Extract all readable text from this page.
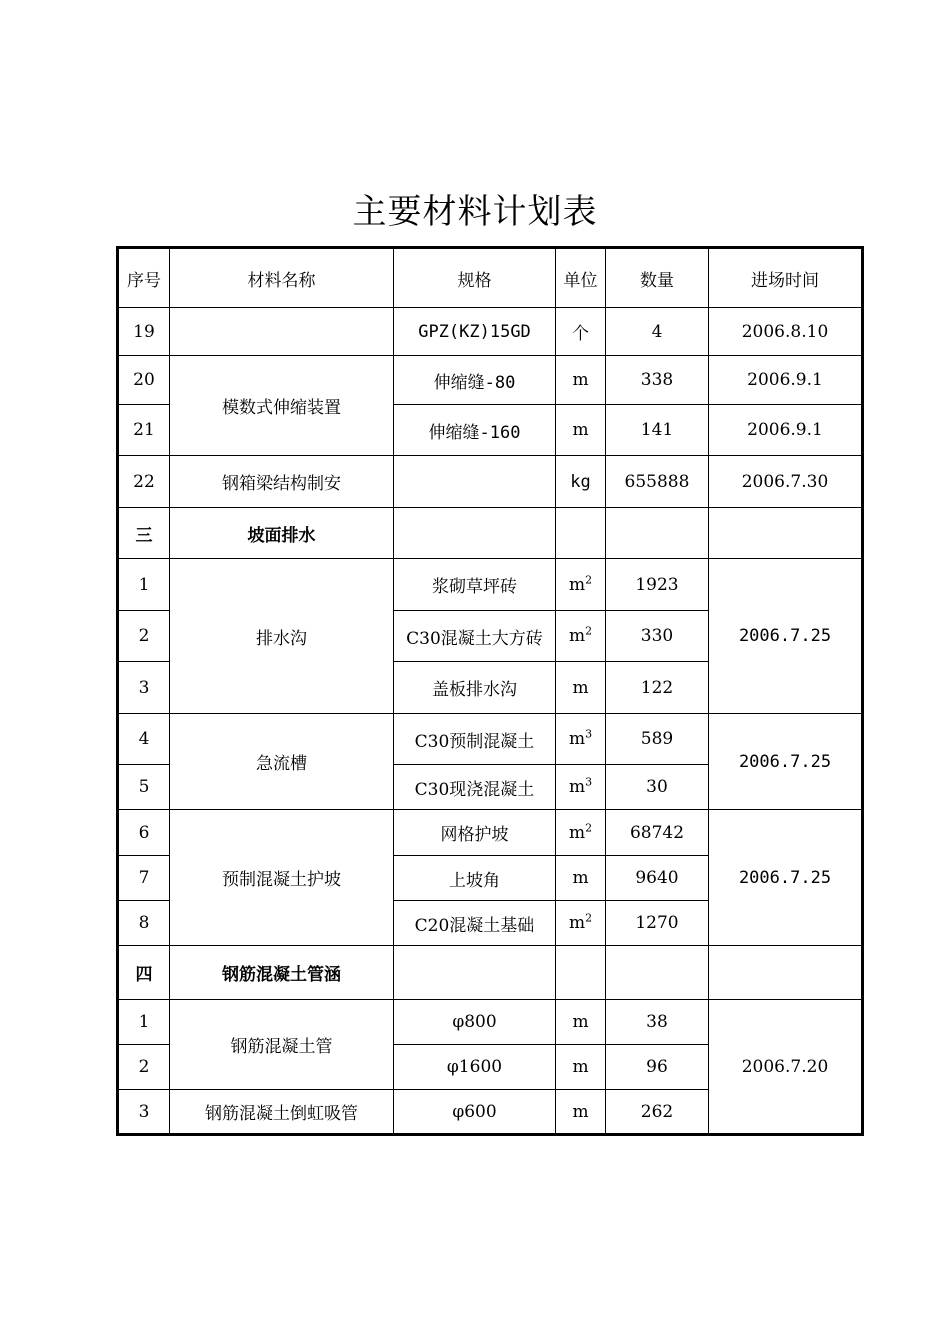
主要材料计划表
序号	材料名称	规格	单位	数量	进场时间
19		GPZ(KZ)15GD	个	4	2006.8.10
20	模数式伸缩装置	伸缩缝-80	m	338	2006.9.1
21		伸缩缝-160	m	141	2006.9.1
22	钢箱梁结构制安		kg	655888	2006.7.30
三	坡面排水				
1	排水沟	浆砌草坪砖	$m^2$	1923	2006.7.25
2		C30混凝土大方砖	$m^2$	330	
3		盖板排水沟	m	122	
4	急流槽	C30预制混凝土	$m^3$	589	2006.7.25
5		C30现浇混凝土	$m^3$	30	
6	预制混凝土护坡	网格护坡	$m^2$	68742	2006.7.25
7		上坡角	m	9640	
8		C20混凝土基础	$m^2$	1270	
四	钢筋混凝土管涵				
1	钢筋混凝土管	φ800	m	38	2006.7.20
2		φ1600	m	96	
3	钢筋混凝土倒虹吸管	φ600	m	262	
